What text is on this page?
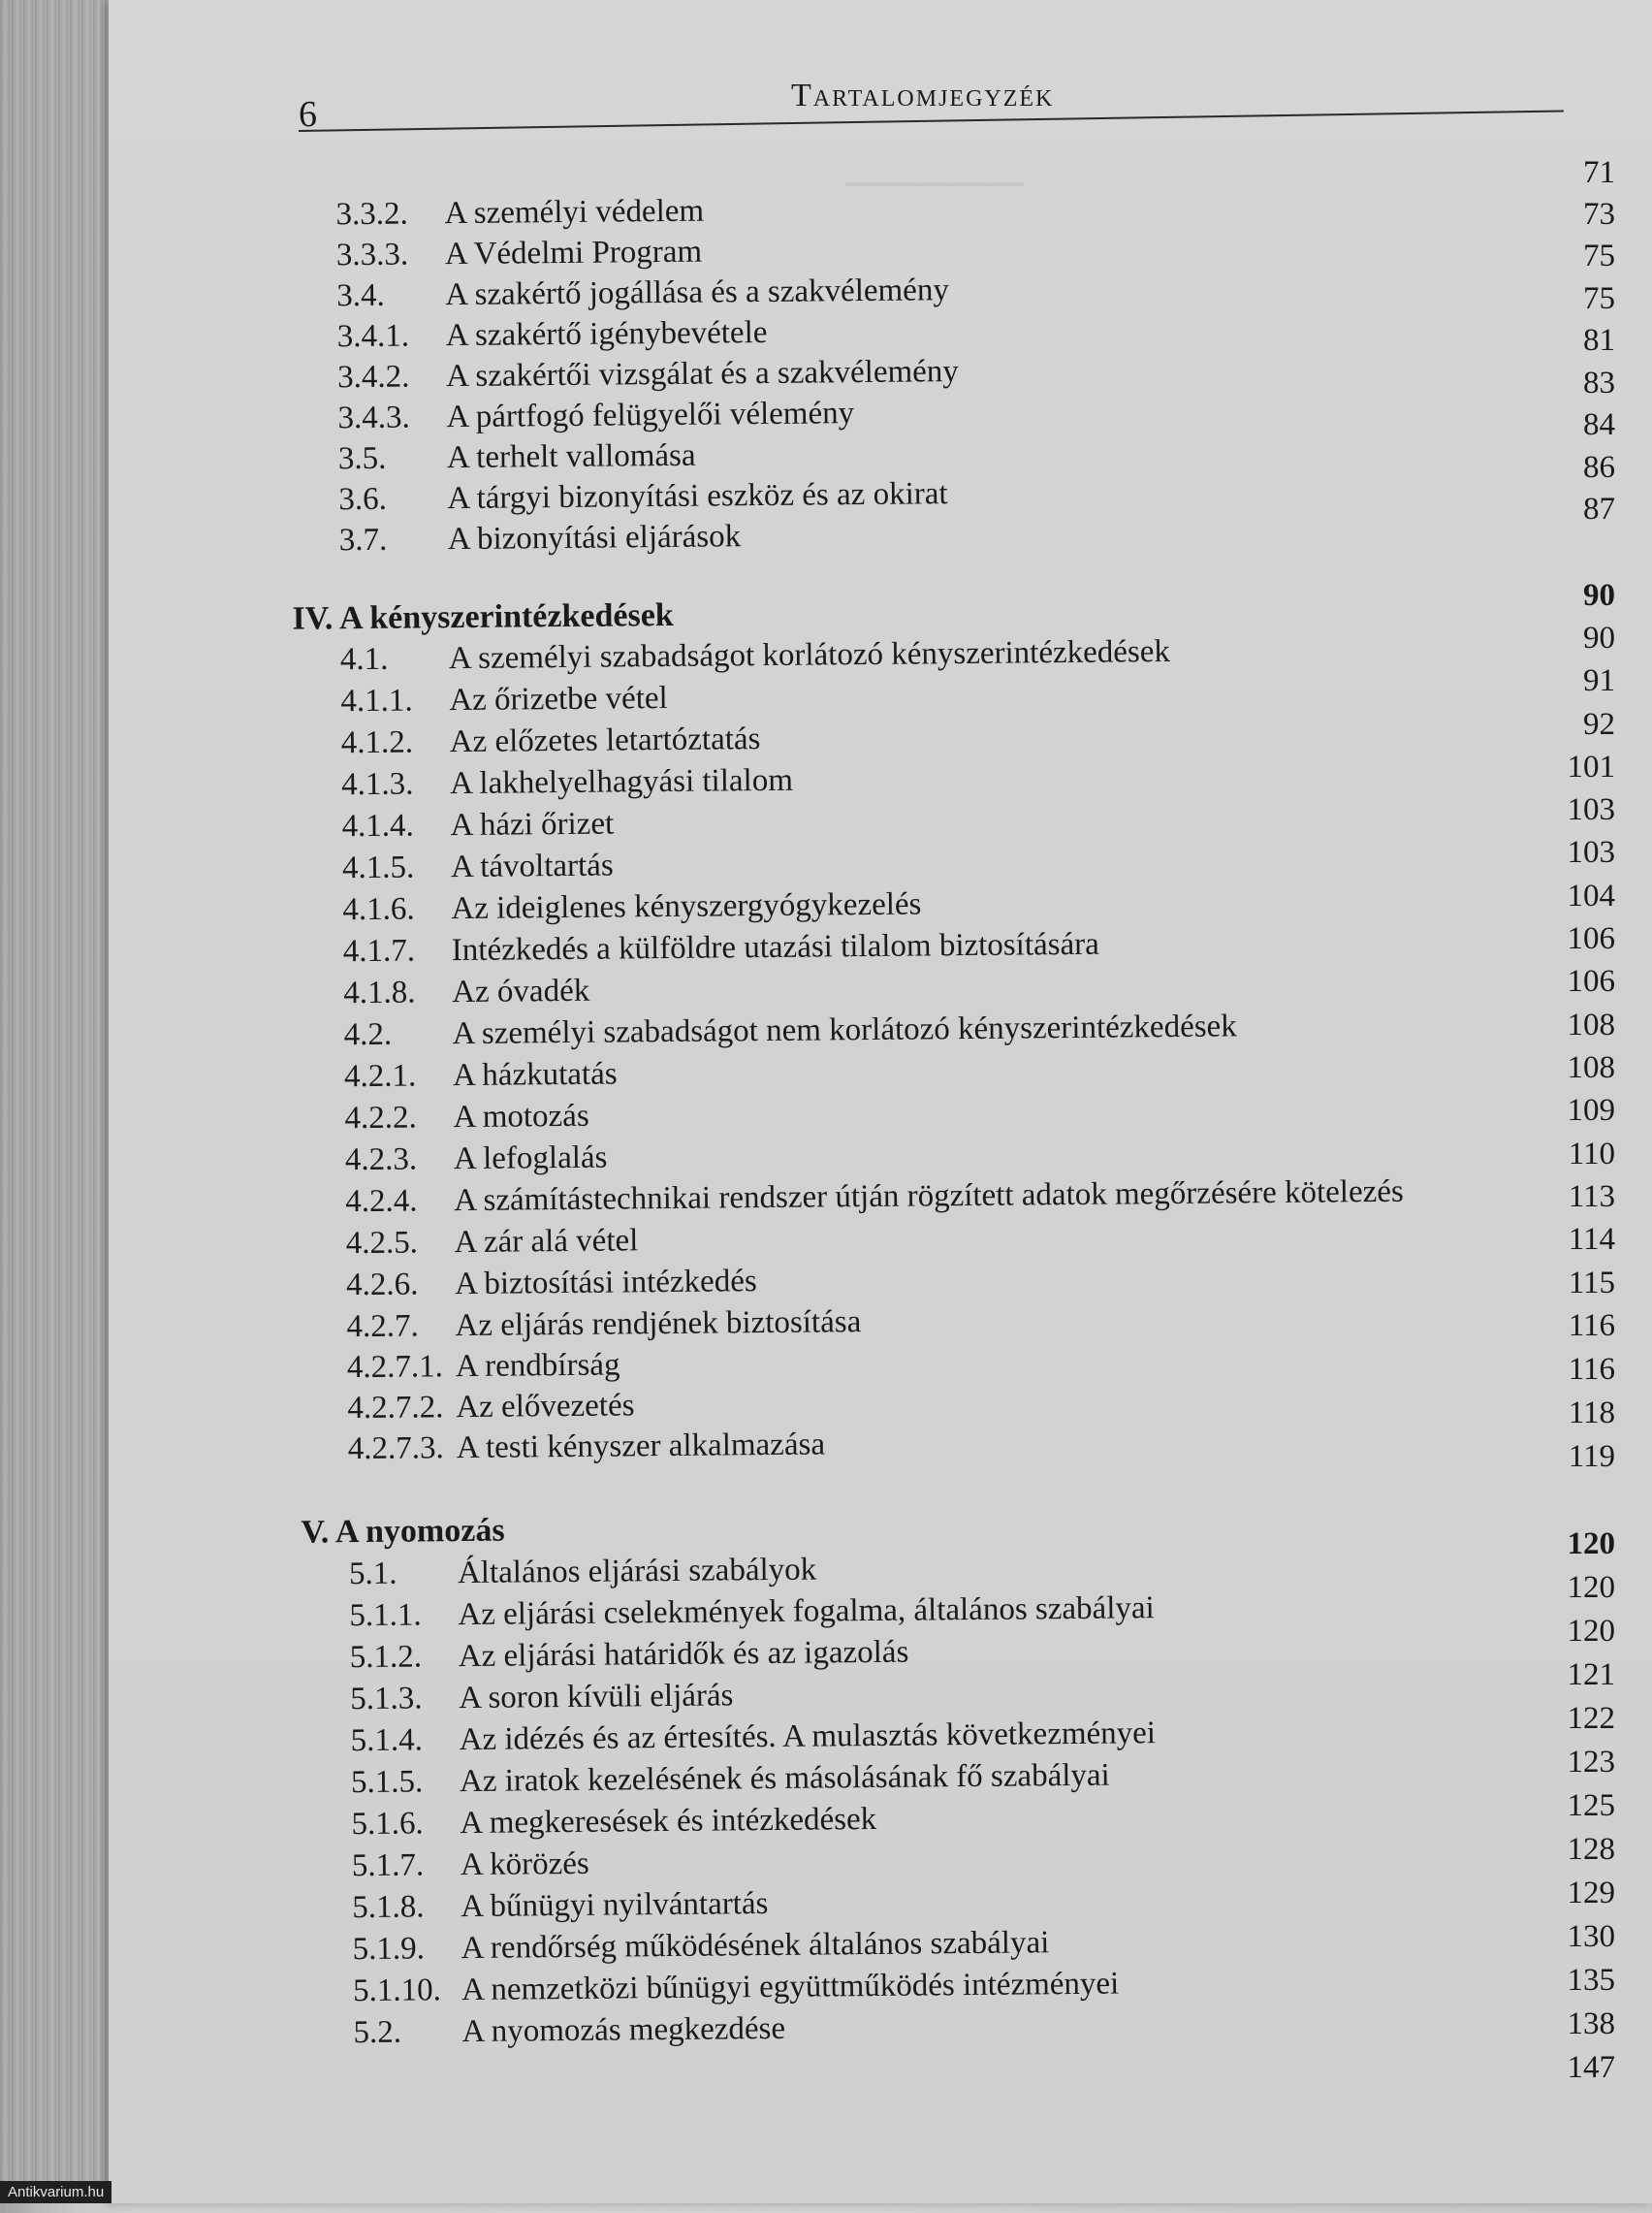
─────
6	Tartalomjegyzék
3.3.2. A személyi védelem
3.3.3. A Védelmi Program
3.4. A szakértő jogállása és a szakvélemény
3.4.1. A szakértő igénybevétele
3.4.2. A szakértői vizsgálat és a szakvélemény
3.4.3. A pártfogó felügyelői vélemény
3.5. A terhelt vallomása
3.6. A tárgyi bizonyítási eszköz és az okirat
3.7. A bizonyítási eljárások
IV. A kényszerintézkedések
4.1. A személyi szabadságot korlátozó kényszerintézkedések
4.1.1. Az őrizetbe vétel
4.1.2. Az előzetes letartóztatás
4.1.3. A lakhelyelhagyási tilalom
4.1.4. A házi őrizet
4.1.5. A távoltartás
4.1.6. Az ideiglenes kényszergyógykezelés
4.1.7. Intézkedés a külföldre utazási tilalom biztosítására
4.1.8. Az óvadék
4.2. A személyi szabadságot nem korlátozó kényszerintézkedések
4.2.1. A házkutatás
4.2.2. A motozás
4.2.3. A lefoglalás
4.2.4. A számítástechnikai rendszer útján rögzített adatok megőrzésére kötelezés
4.2.5. A zár alá vétel
4.2.6. A biztosítási intézkedés
4.2.7. Az eljárás rendjének biztosítása
4.2.7.1. A rendbírság
4.2.7.2. Az elővezetés
4.2.7.3. A testi kényszer alkalmazása
V. A nyomozás
5.1. Általános eljárási szabályok
5.1.1. Az eljárási cselekmények fogalma, általános szabályai
5.1.2. Az eljárási határidők és az igazolás
5.1.3. A soron kívüli eljárás
5.1.4. Az idézés és az értesítés. A mulasztás következményei
5.1.5. Az iratok kezelésének és másolásának fő szabályai
5.1.6. A megkeresések és intézkedések
5.1.7. A körözés
5.1.8. A bűnügyi nyilvántartás
5.1.9. A rendőrség működésének általános szabályai
5.1.10. A nemzetközi bűnügyi együttműködés intézményei
5.2. A nyomozás megkezdése
71
73
75
75
81
83
84
86
87
90
90
91
92
101
103
103
104
106
106
108
108
109
110
113
114
115
116
116
118
119
120
120
120
121
122
123
125
128
129
130
135
138
147
Antikvarium.hu
